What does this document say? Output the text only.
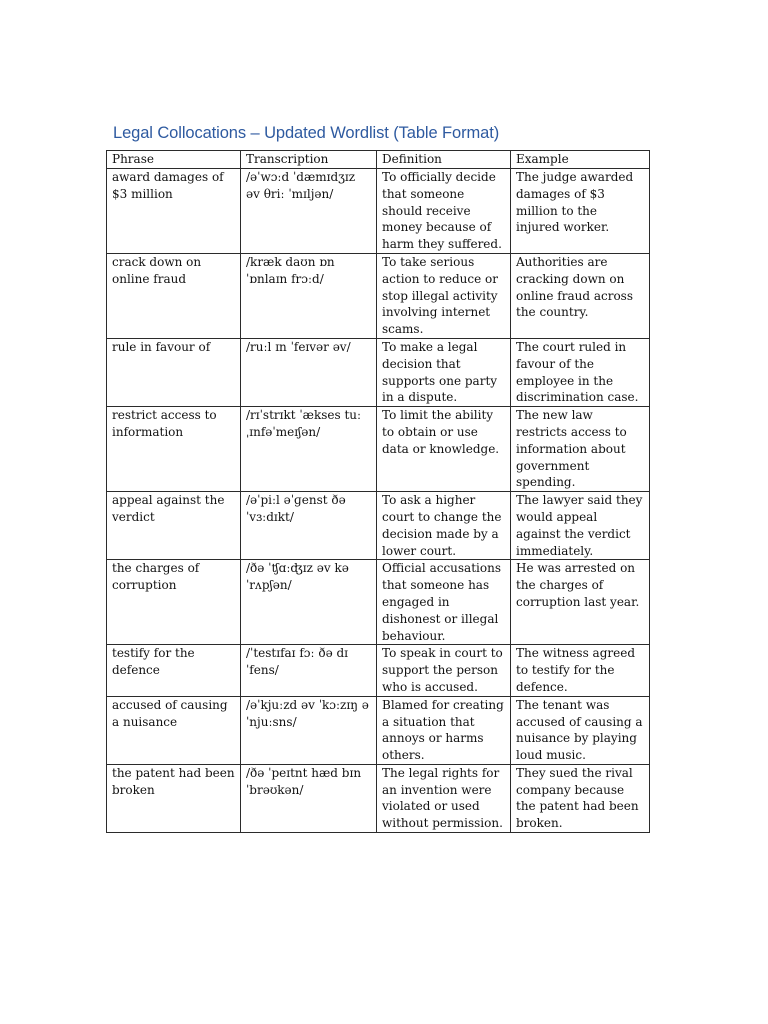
Legal Collocations – Updated Wordlist (Table Format)
Phrase	Transcription	Definition	Example
award damages of $3 million	/əˈwɔːd ˈdæmɪdʒɪz əv θriː ˈmɪljən/	To officially decide that someone should receive money because of harm they suffered.	The judge awarded damages of $3 million to the injured worker.
crack down on online fraud	/kræk daʊn ɒn ˈɒnlaɪn frɔːd/	To take serious action to reduce or stop illegal activity involving internet scams.	Authorities are cracking down on online fraud across the country.
rule in favour of	/ruːl ɪn ˈfeɪvər əv/	To make a legal decision that supports one party in a dispute.	The court ruled in favour of the employee in the discrimination case.
restrict access to information	/rɪˈstrɪkt ˈækses tuː ˌɪnfəˈmeɪʃən/	To limit the ability to obtain or use data or knowledge.	The new law restricts access to information about government spending.
appeal against the verdict	/əˈpiːl əˈɡenst ðə ˈvɜːdɪkt/	To ask a higher court to change the decision made by a lower court.	The lawyer said they would appeal against the verdict immediately.
the charges of corruption	/ðə ˈʧɑːʤɪz əv kəˈrʌpʃən/	Official accusations that someone has engaged in dishonest or illegal behaviour.	He was arrested on the charges of corruption last year.
testify for the defence	/ˈtestɪfaɪ fɔː ðə dɪˈfens/	To speak in court to support the person who is accused.	The witness agreed to testify for the defence.
accused of causing a nuisance	/əˈkjuːzd əv ˈkɔːzɪŋ ə ˈnjuːsns/	Blamed for creating a situation that annoys or harms others.	The tenant was accused of causing a nuisance by playing loud music.
the patent had been broken	/ðə ˈpeɪtnt hæd bɪn ˈbrəʊkən/	The legal rights for an invention were violated or used without permission.	They sued the rival company because the patent had been broken.
